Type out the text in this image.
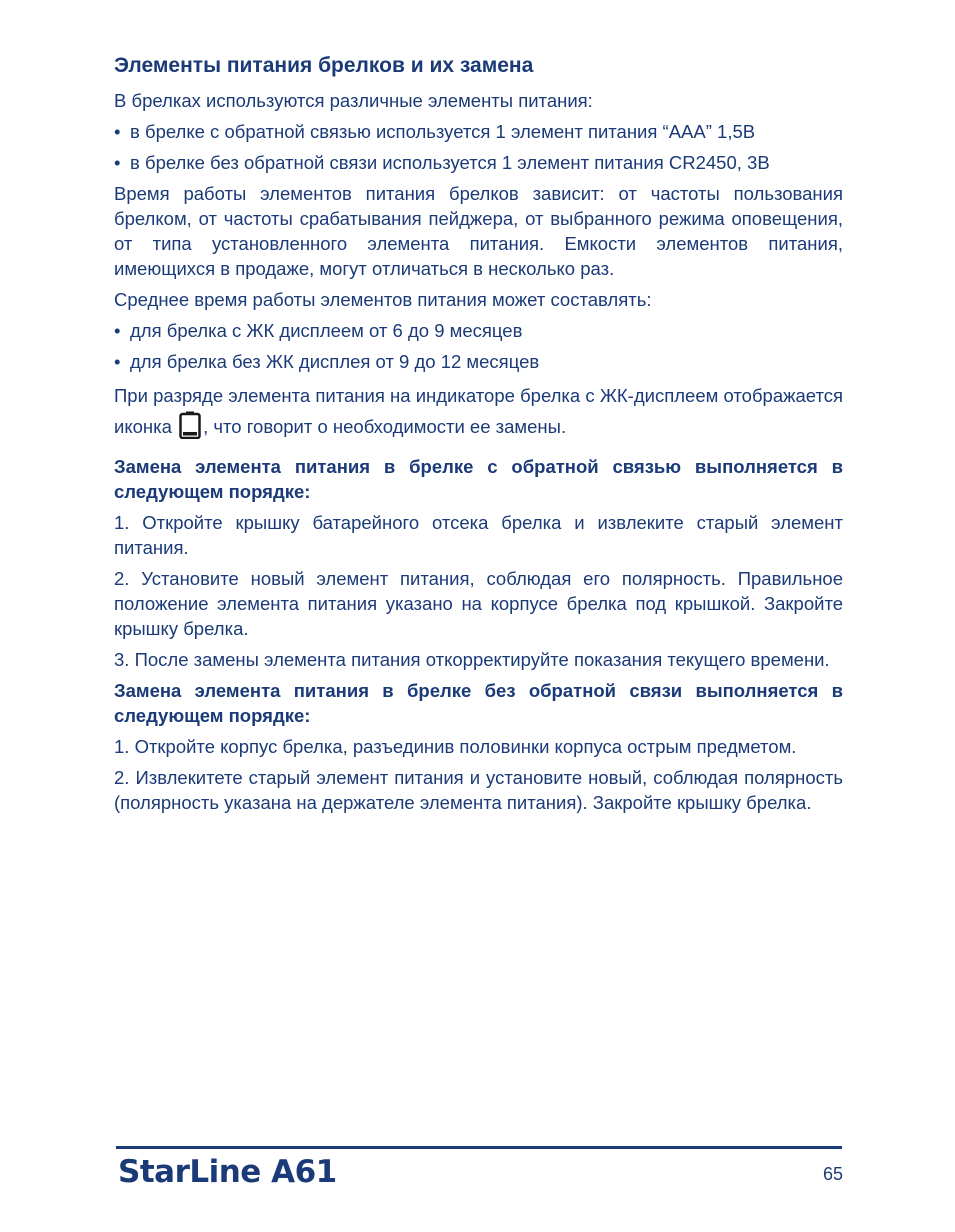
Элементы питания брелков и их замена
В брелках используются различные элементы питания:
• в брелке с обратной связью используется 1 элемент питания “ААА” 1,5В
• в брелке без обратной связи используется 1 элемент питания CR2450, 3В
Время работы элементов питания брелков зависит: от частоты пользования брелком, от частоты срабатывания пейджера, от выбранного режима оповещения, от типа установленного элемента питания. Емкости элементов питания, имеющихся в продаже, могут отличаться в несколько раз.
Среднее время работы элементов питания может составлять:
• для брелка с ЖК дисплеем от 6 до 9 месяцев
• для брелка без ЖК дисплея от 9 до 12 месяцев
При разряде элемента питания на индикаторе брелка с ЖК-дисплеем отображается иконка , что говорит о необходимости ее замены.
Замена элемента питания в брелке с обратной связью выполняется в следующем порядке:
1. Откройте крышку батарейного отсека брелка и извлеките старый элемент питания.
2. Установите новый элемент питания, соблюдая его полярность. Правильное положение элемента питания указано на корпусе брелка под крышкой. Закройте крышку брелка.
3. После замены элемента питания откорректируйте показания текущего времени.
Замена элемента питания в брелке без обратной связи выполняется в следующем порядке:
1. Откройте корпус брелка, разъединив половинки корпуса острым предметом.
2. Извлекитете старый элемент питания и установите новый, соблюдая полярность (полярность указана на держателе элемента питания). Закройте крышку брелка.
StarLine A61	65
